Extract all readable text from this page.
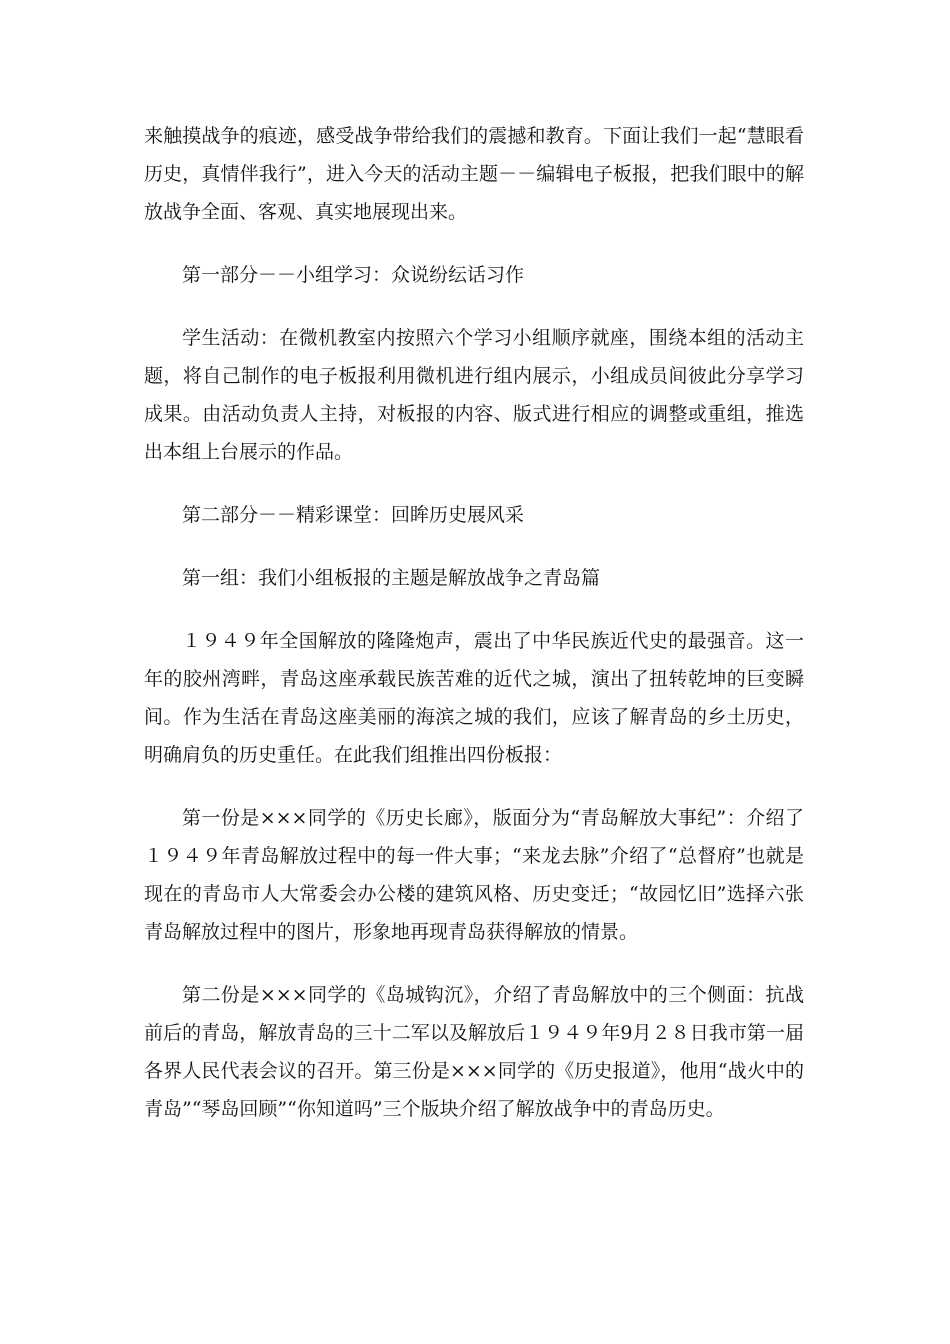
来触摸战争的痕迹，感受战争带给我们的震撼和教育。下面让我们一起“慧眼看历史，真情伴我行”，进入今天的活动主题－－编辑电子板报，把我们眼中的解放战争全面、客观、真实地展现出来。

第一部分－－小组学习：众说纷纭话习作

学生活动：在微机教室内按照六个学习小组顺序就座，围绕本组的活动主题，将自己制作的电子板报利用微机进行组内展示，小组成员间彼此分享学习成果。由活动负责人主持，对板报的内容、版式进行相应的调整或重组，推选出本组上台展示的作品。

第二部分－－精彩课堂：回眸历史展风采

第一组：我们小组板报的主题是解放战争之青岛篇

１９４９年全国解放的隆隆炮声，震出了中华民族近代史的最强音。这一年的胶州湾畔，青岛这座承载民族苦难的近代之城，演出了扭转乾坤的巨变瞬间。作为生活在青岛这座美丽的海滨之城的我们，应该了解青岛的乡土历史，明确肩负的历史重任。在此我们组推出四份板报：

第一份是×××同学的《历史长廊》，版面分为“青岛解放大事纪”：介绍了１９４９年青岛解放过程中的每一件大事；“来龙去脉”介绍了“总督府”也就是现在的青岛市人大常委会办公楼的建筑风格、历史变迁；“故园忆旧”选择六张青岛解放过程中的图片，形象地再现青岛获得解放的情景。

第二份是×××同学的《岛城钩沉》，介绍了青岛解放中的三个侧面：抗战前后的青岛，解放青岛的三十二军以及解放后１９４９年9月２８日我市第一届各界人民代表会议的召开。第三份是×××同学的《历史报道》，他用“战火中的青岛”“琴岛回顾”“你知道吗”三个版块介绍了解放战争中的青岛历史。
